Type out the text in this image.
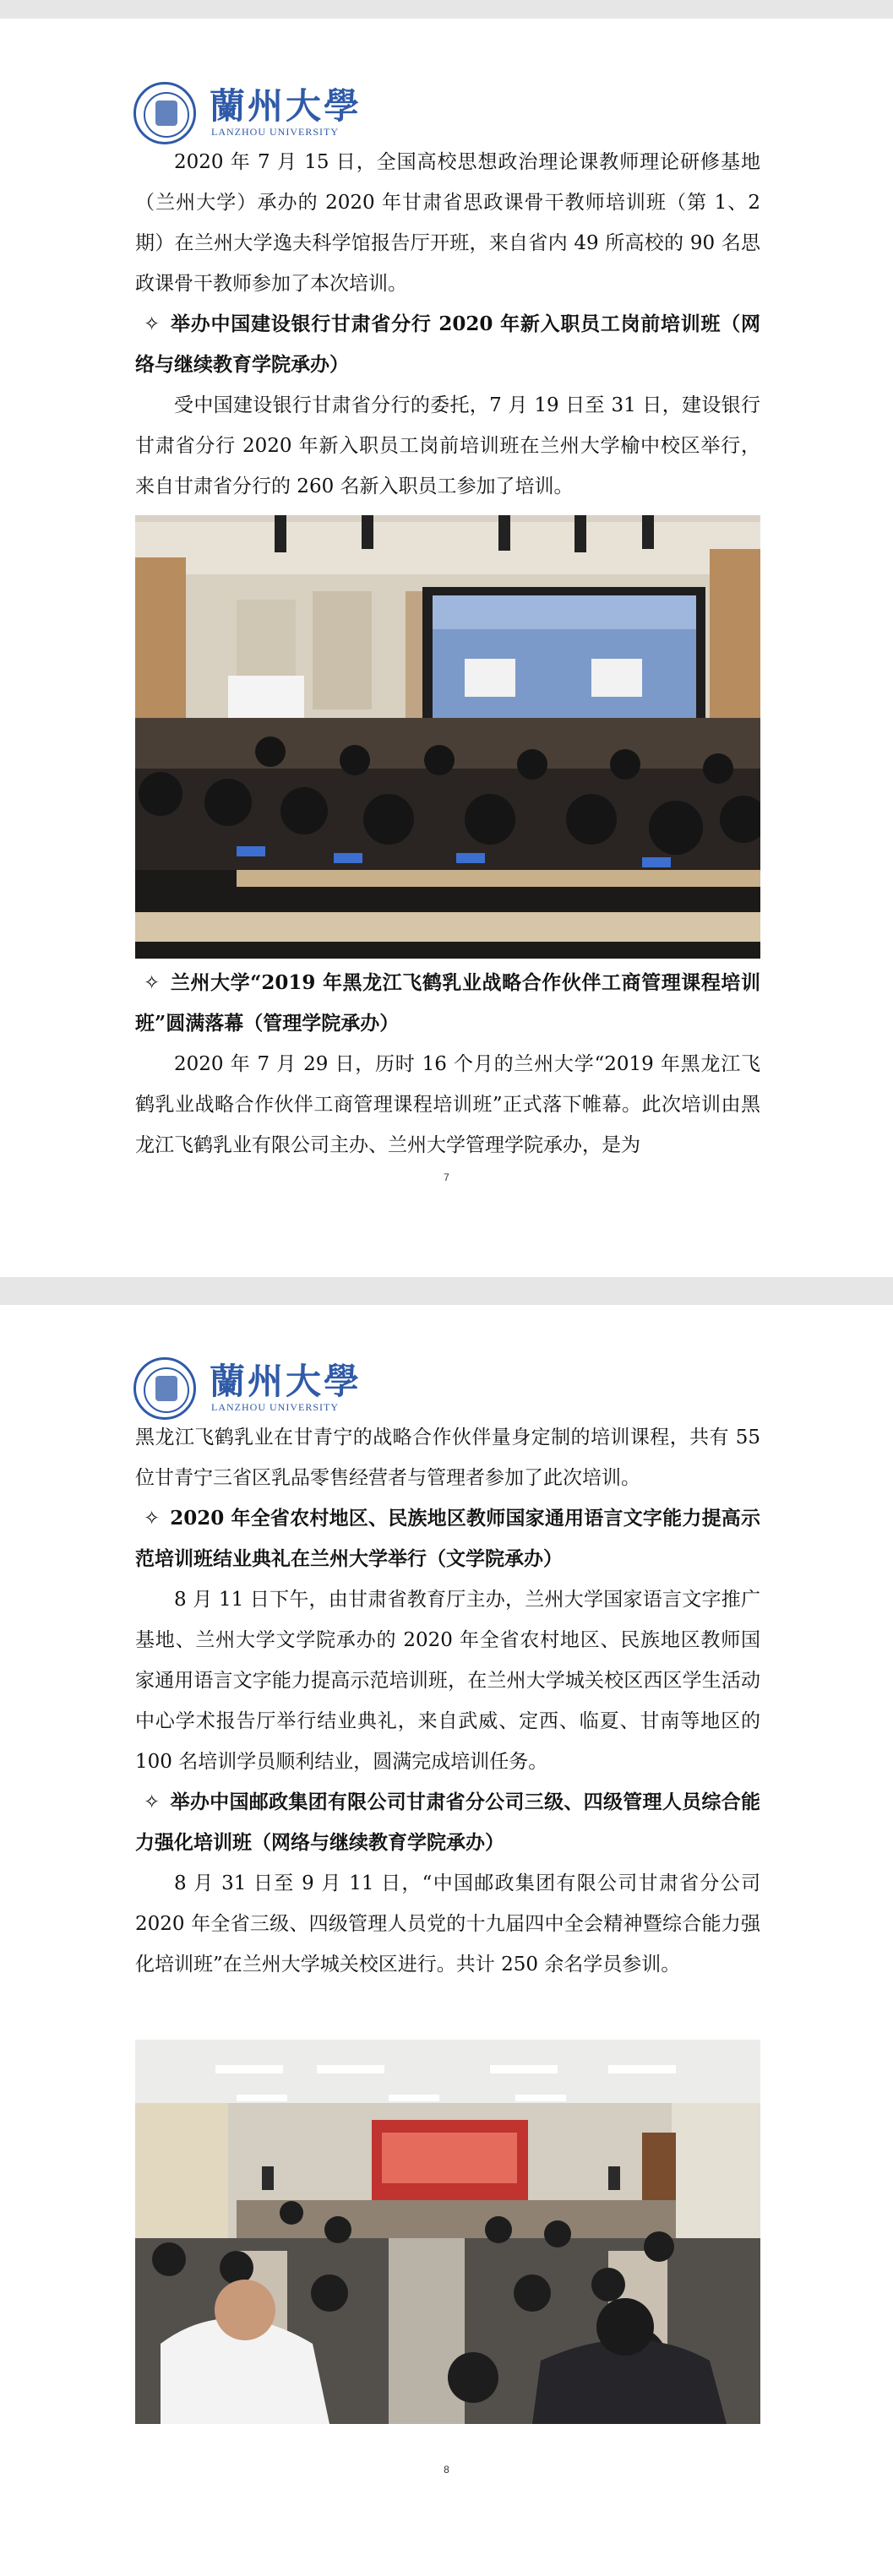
蘭州大學
LANZHOU UNIVERSITY

2020 年 7 月 15 日，全国高校思想政治理论课教师理论研修基地（兰州大学）承办的 2020 年甘肃省思政课骨干教师培训班（第 1、2 期）在兰州大学逸夫科学馆报告厅开班，来自省内 49 所高校的 90 名思政课骨干教师参加了本次培训。

✧ 举办中国建设银行甘肃省分行 2020 年新入职员工岗前培训班（网络与继续教育学院承办）

受中国建设银行甘肃省分行的委托，7 月 19 日至 31 日，建设银行甘肃省分行 2020 年新入职员工岗前培训班在兰州大学榆中校区举行，来自甘肃省分行的 260 名新入职员工参加了培训。

✧ 兰州大学“2019 年黑龙江飞鹤乳业战略合作伙伴工商管理课程培训班”圆满落幕（管理学院承办）

2020 年 7 月 29 日，历时 16 个月的兰州大学“2019 年黑龙江飞鹤乳业战略合作伙伴工商管理课程培训班”正式落下帷幕。此次培训由黑龙江飞鹤乳业有限公司主办、兰州大学管理学院承办，是为

7
蘭州大學
LANZHOU UNIVERSITY

黑龙江飞鹤乳业在甘青宁的战略合作伙伴量身定制的培训课程，共有 55 位甘青宁三省区乳品零售经营者与管理者参加了此次培训。

✧ 2020 年全省农村地区、民族地区教师国家通用语言文字能力提高示范培训班结业典礼在兰州大学举行（文学院承办）

8 月 11 日下午，由甘肃省教育厅主办，兰州大学国家语言文字推广基地、兰州大学文学院承办的 2020 年全省农村地区、民族地区教师国家通用语言文字能力提高示范培训班，在兰州大学城关校区西区学生活动中心学术报告厅举行结业典礼，来自武威、定西、临夏、甘南等地区的 100 名培训学员顺利结业，圆满完成培训任务。

✧ 举办中国邮政集团有限公司甘肃省分公司三级、四级管理人员综合能力强化培训班（网络与继续教育学院承办）

8 月 31 日至 9 月 11 日，“中国邮政集团有限公司甘肃省分公司 2020 年全省三级、四级管理人员党的十九届四中全会精神暨综合能力强化培训班”在兰州大学城关校区进行。共计 250 余名学员参训。

8
